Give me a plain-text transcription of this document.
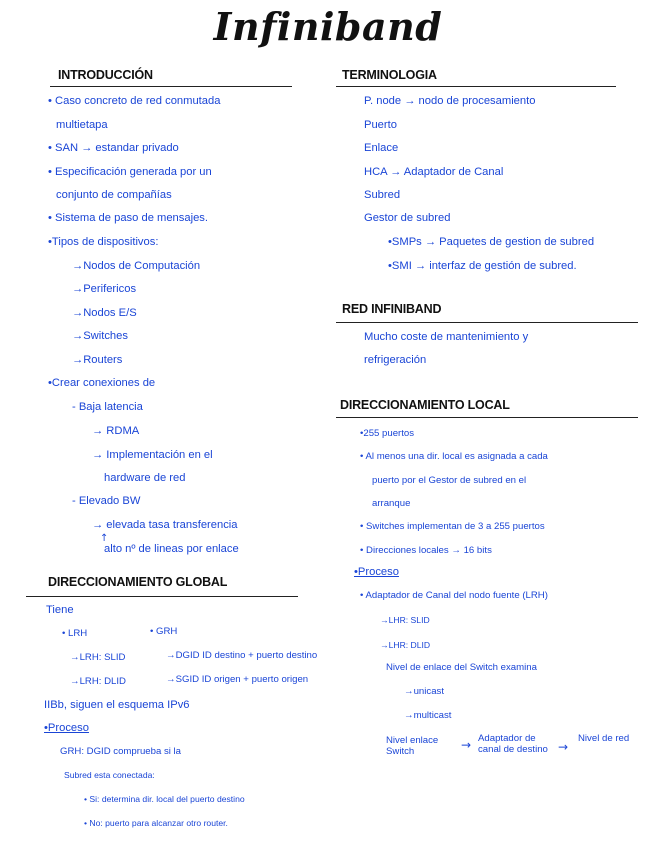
Infiniband
INTRODUCCIÓN
• Caso concreto de red conmutada
multietapa
• SAN → estandar privado
• Especificación generada por un
conjunto de compañías
• Sistema de paso de mensajes.
•Tipos de dispositivos:
→Nodos de Computación
→Perifericos
→Nodos E/S
→Switches
→Routers
•Crear conexiones de
- Baja latencia
→ RDMA
→ Implementación en el
hardware de red
- Elevado BW
→ elevada tasa transferencia
↑
alto nº de lineas por enlace
DIRECCIONAMIENTO GLOBAL
Tiene
• LRH	• GRH
→LRH: SLID	→DGID ID destino + puerto destino
→LRH: DLID	→SGID ID origen + puerto origen
IIBb, siguen el esquema IPv6
•Proceso
GRH: DGID comprueba si la
Subred esta conectada:
• Si: determina dir. local del puerto destino
• No: puerto para alcanzar otro router.
TERMINOLOGIA
P. node → nodo de procesamiento
Puerto
Enlace
HCA → Adaptador de Canal
Subred
Gestor de subred
•SMPs → Paquetes de gestion de subred
•SMI → interfaz de gestión de subred.
RED INFINIBAND
Mucho coste de mantenimiento y
refrigeración
DIRECCIONAMIENTO LOCAL
•255 puertos
• Al menos una dir. local es asignada a cada
puerto por el Gestor de subred en el
arranque
• Switches implementan de 3 a 255 puertos
• Direcciones locales → 16 bits
•Proceso
• Adaptador de Canal del nodo fuente (LRH)
→LHR: SLID
→LHR: DLID
Nivel de enlace del Switch examina
→unicast
→multicast
Nivel enlace Switch	→ Adaptador de canal de destino →
Nivel de red
